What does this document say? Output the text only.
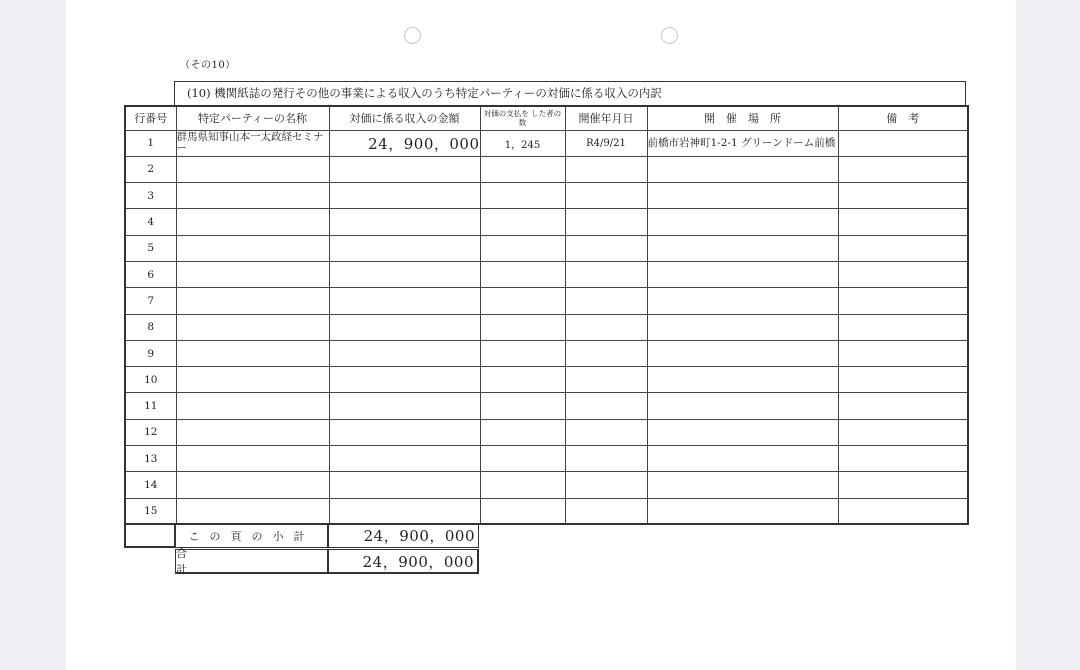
（その10）
(10) 機関紙誌の発行その他の事業による収入のうち特定パーティーの対価に係る収入の内訳
行番号	特定パーティーの名称	対価に係る収入の金額	対価の支払を した者の数	開催年月日	開　催　場　所	備　考
1	群馬県知事山本一太政経セミナー	24，900，000	1，245	R4/9/21	前橋市岩神町1-2-1 グリーンドーム前橋	
2						
3						
4						
5						
6						
7						
8						
9						
10						
11						
12						
13						
14						
15						
この頁の小計	24，900，000
合　　計	24，900，000
